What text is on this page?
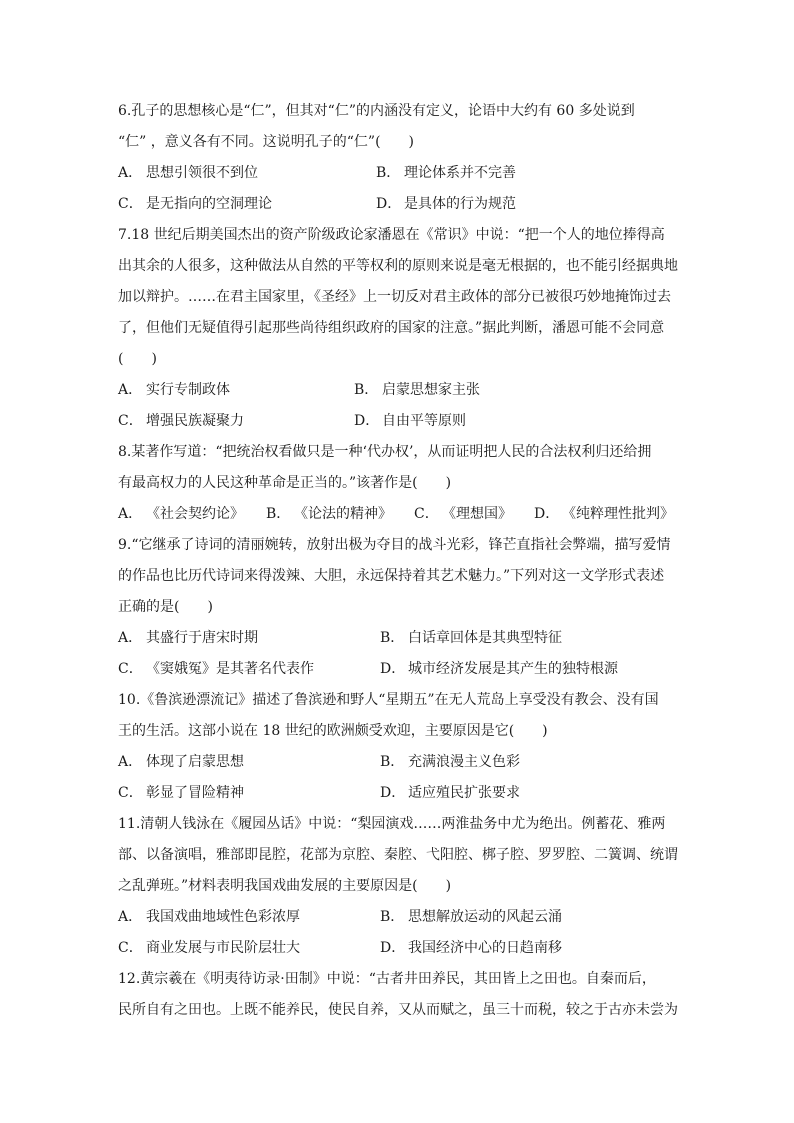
6.孔子的思想核心是“仁”，但其对“仁”的内涵没有定义，论语中大约有 60 多处说到
“仁” ，意义各有不同。这说明孔子的“仁”(　　)
A． 思想引领很不到位	B． 理论体系并不完善
C． 是无指向的空洞理论	D． 是具体的行为规范
7.18 世纪后期美国杰出的资产阶级政论家潘恩在《常识》中说：“把一个人的地位捧得高
出其余的人很多，这种做法从自然的平等权利的原则来说是毫无根据的，也不能引经据典地
加以辩护。……在君主国家里，《圣经》上一切反对君主政体的部分已被很巧妙地掩饰过去
了，但他们无疑值得引起那些尚待组织政府的国家的注意。”据此判断，潘恩可能不会同意
(　　)
A． 实行专制政体	B． 启蒙思想家主张
C． 增强民族凝聚力	D． 自由平等原则
8.某著作写道：“把统治权看做只是一种‘代办权’，从而证明把人民的合法权利归还给拥
有最高权力的人民这种革命是正当的。”该著作是(　　)
A． 《社会契约论》 B． 《论法的精神》 C． 《理想国》 D． 《纯粹理性批判》
9.“它继承了诗词的清丽婉转，放射出极为夺目的战斗光彩，锋芒直指社会弊端，描写爱情
的作品也比历代诗词来得泼辣、大胆，永远保持着其艺术魅力。”下列对这一文学形式表述
正确的是(　　)
A． 其盛行于唐宋时期	B． 白话章回体是其典型特征
C． 《窦娥冤》是其著名代表作	D． 城市经济发展是其产生的独特根源
10.《鲁滨逊漂流记》描述了鲁滨逊和野人“星期五”在无人荒岛上享受没有教会、没有国
王的生活。这部小说在 18 世纪的欧洲颇受欢迎，主要原因是它(　　)
A． 体现了启蒙思想	B． 充满浪漫主义色彩
C． 彰显了冒险精神	D． 适应殖民扩张要求
11.清朝人钱泳在《履园丛话》中说：“梨园演戏……两淮盐务中尤为绝出。例蓄花、雅两
部、以备演唱，雅部即昆腔，花部为京腔、秦腔、弋阳腔、梆子腔、罗罗腔、二簧调、统谓
之乱弹班。”材料表明我国戏曲发展的主要原因是(　　)
A． 我国戏曲地域性色彩浓厚	B． 思想解放运动的风起云涌
C． 商业发展与市民阶层壮大	D． 我国经济中心的日趋南移
12.黄宗羲在《明夷待访录·田制》中说：“古者井田养民，其田皆上之田也。自秦而后，
民所自有之田也。上既不能养民，使民自养，又从而赋之，虽三十而税，较之于古亦未尝为
